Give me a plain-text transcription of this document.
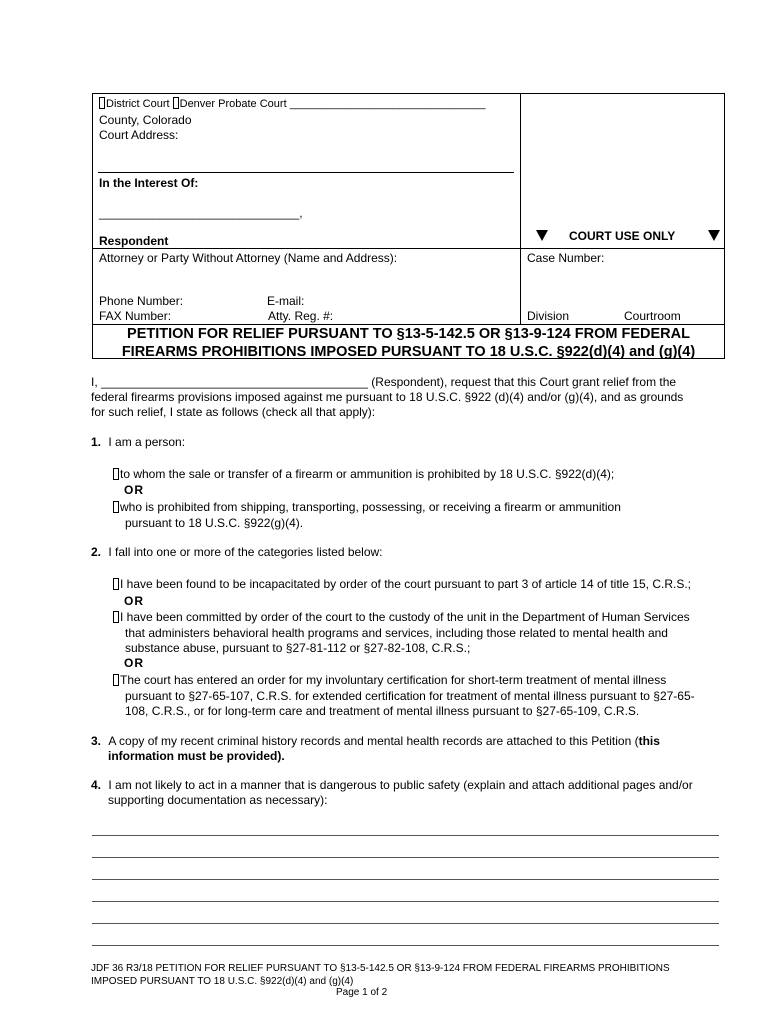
District Court Denver Probate Court ________________________________
County, Colorado
Court Address:
In the Interest Of:
______________________________,
Respondent	COURT USE ONLY
Attorney or Party Without Attorney (Name and Address):	Case Number:
Phone Number:	E-mail:
FAX Number:	Atty. Reg. #:	Division	Courtroom
PETITION FOR RELIEF PURSUANT TO §13-5-142.5 OR §13-9-124 FROM FEDERAL
FIREARMS PROHIBITIONS IMPOSED PURSUANT TO 18 U.S.C. §922(d)(4) and (g)(4)
I, ________________________________________ (Respondent), request that this Court grant relief from the
federal firearms provisions imposed against me pursuant to 18 U.S.C. §922 (d)(4) and/or (g)(4), and as grounds
for such relief, I state as follows (check all that apply):
1. I am a person:
to whom the sale or transfer of a firearm or ammunition is prohibited by 18 U.S.C. §922(d)(4);
OR
who is prohibited from shipping, transporting, possessing, or receiving a firearm or ammunition
pursuant to 18 U.S.C. §922(g)(4).
2. I fall into one or more of the categories listed below:
I have been found to be incapacitated by order of the court pursuant to part 3 of article 14 of title 15, C.R.S.;
OR
I have been committed by order of the court to the custody of the unit in the Department of Human Services
that administers behavioral health programs and services, including those related to mental health and
substance abuse, pursuant to §27-81-112 or §27-82-108, C.R.S.;
OR
The court has entered an order for my involuntary certification for short-term treatment of mental illness
pursuant to §27-65-107, C.R.S. for extended certification for treatment of mental illness pursuant to §27-65-
108, C.R.S., or for long-term care and treatment of mental illness pursuant to §27-65-109, C.R.S.
3. A copy of my recent criminal history records and mental health records are attached to this Petition (this
information must be provided).
4. I am not likely to act in a manner that is dangerous to public safety (explain and attach additional pages and/or
supporting documentation as necessary):
JDF 36 R3/18 PETITION FOR RELIEF PURSUANT TO §13-5-142.5 OR §13-9-124 FROM FEDERAL FIREARMS PROHIBITIONS
IMPOSED PURSUANT TO 18 U.S.C. §922(d)(4) and (g)(4)
Page 1 of 2
